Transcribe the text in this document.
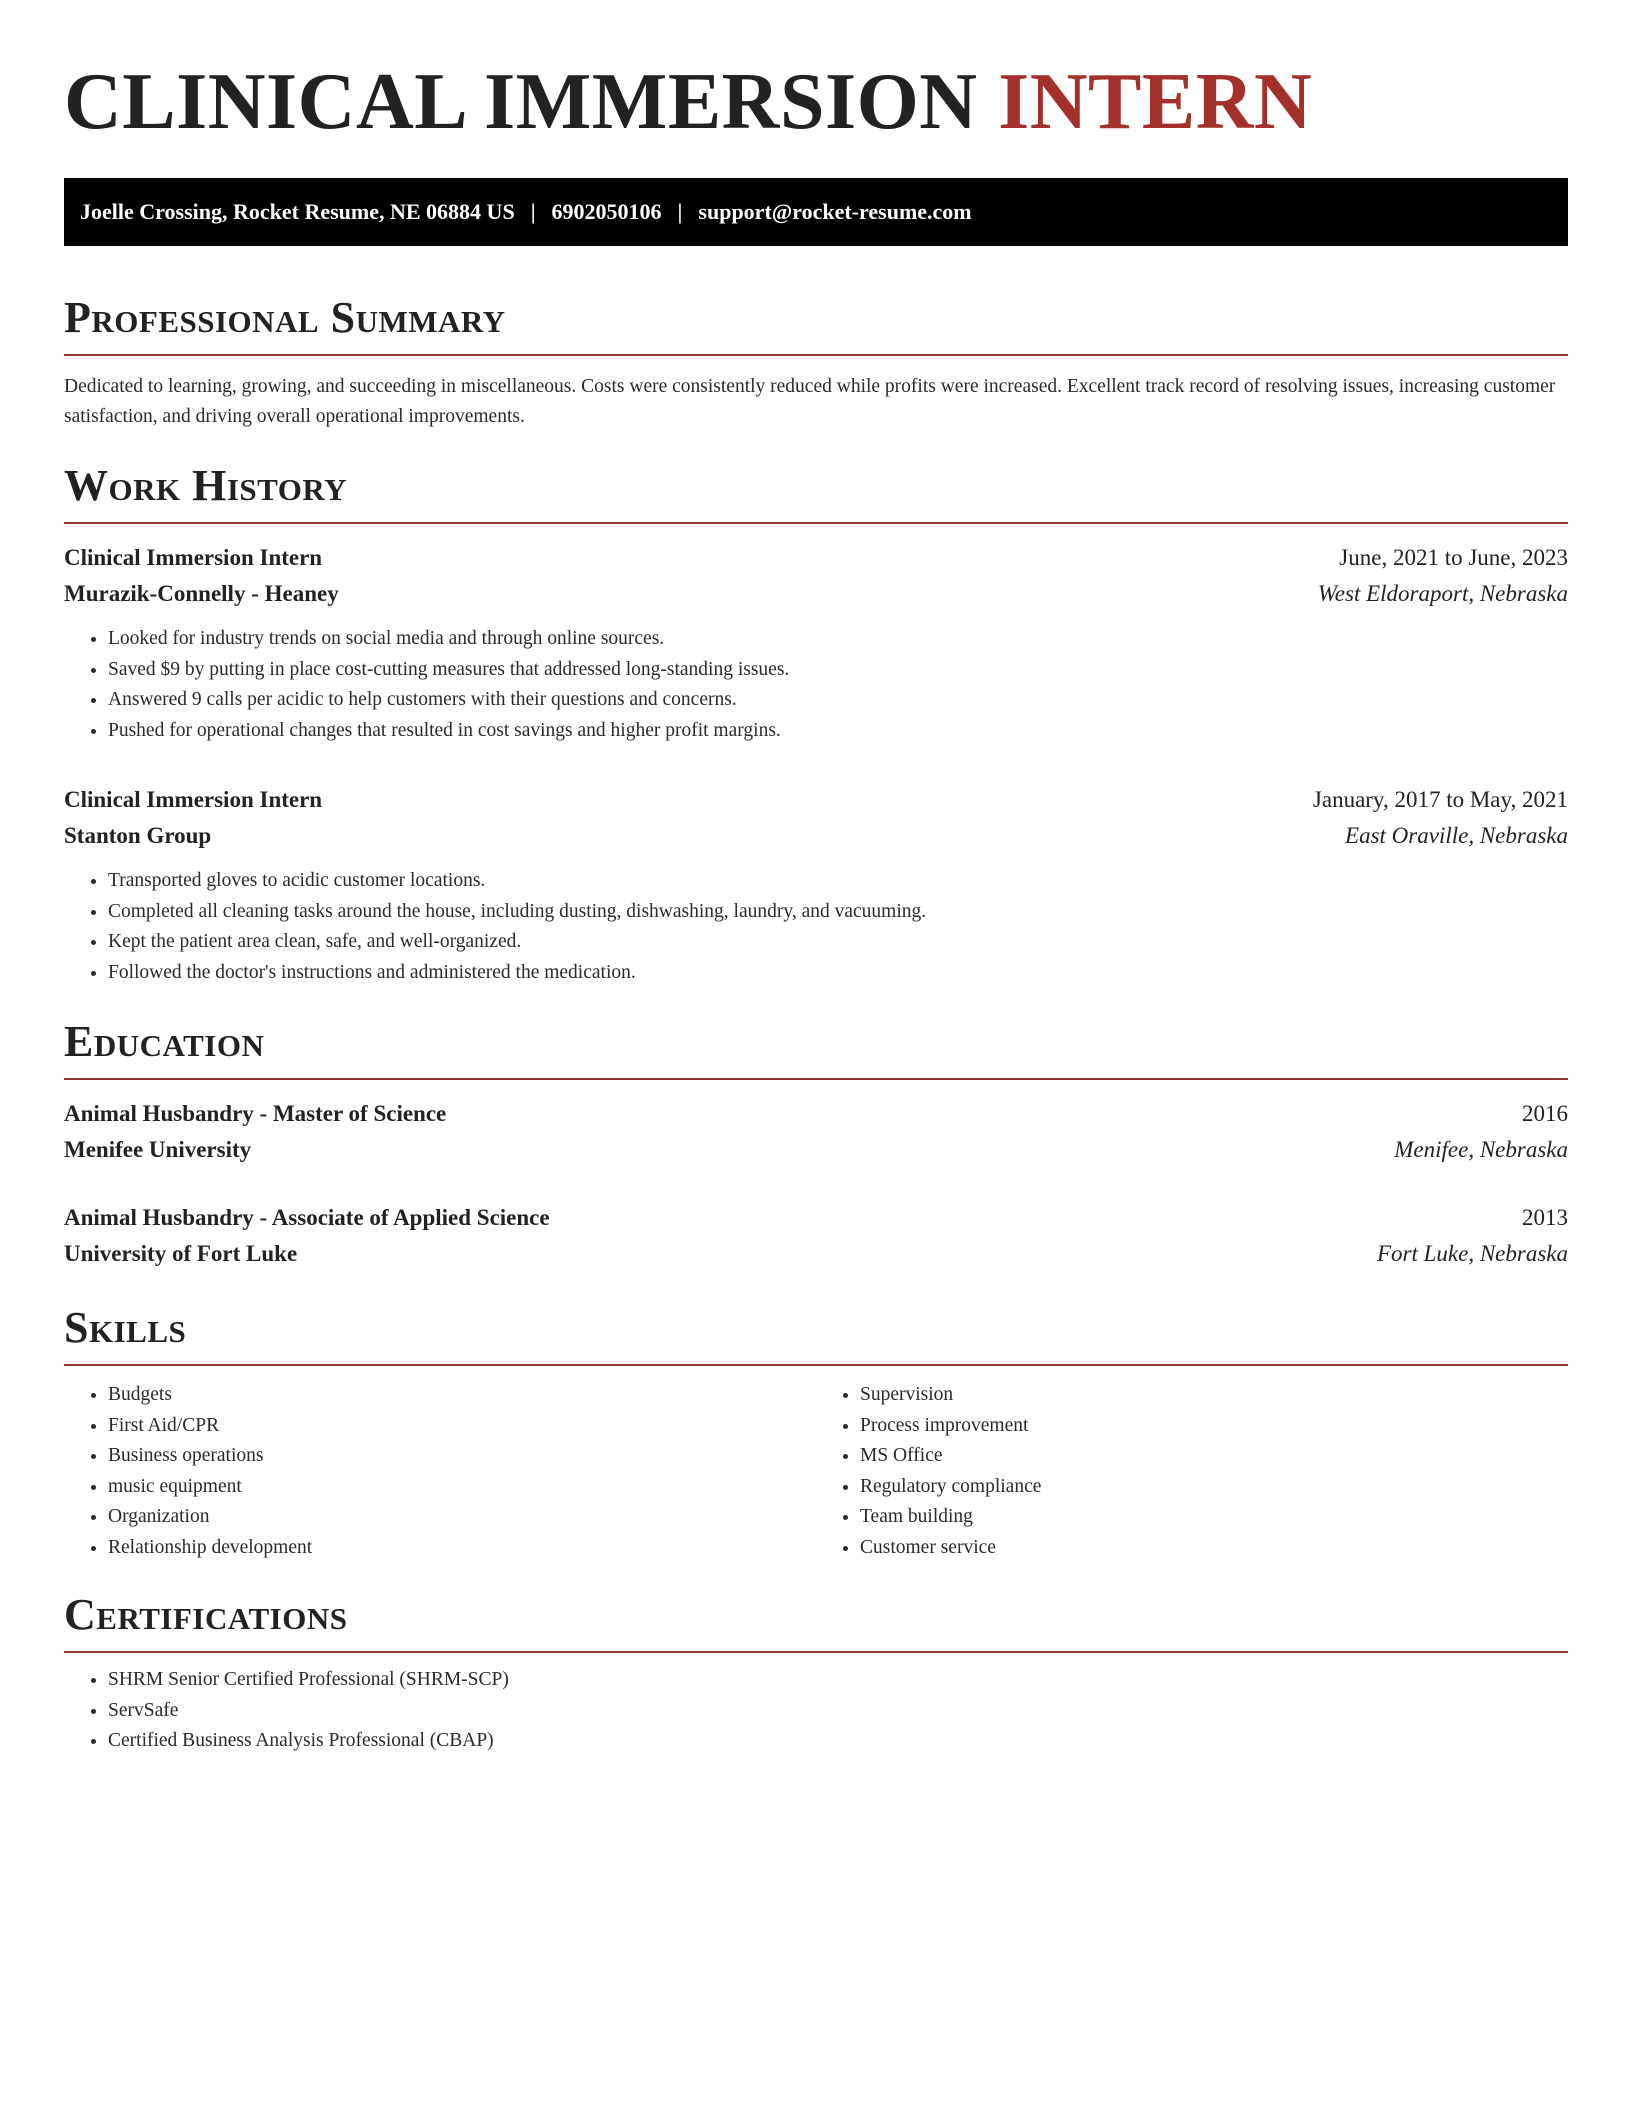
CLINICAL IMMERSION INTERN
Joelle Crossing, Rocket Resume, NE 06884 US | 6902050106 | support@rocket-resume.com
Professional Summary

Dedicated to learning, growing, and succeeding in miscellaneous. Costs were consistently reduced while profits were increased. Excellent track record of resolving issues, increasing customer satisfaction, and driving overall operational improvements.

Work History
Clinical Immersion Intern	June, 2021 to June, 2023
Murazik-Connelly - Heaney	West Eldoraport, Nebraska
• Looked for industry trends on social media and through online sources.
• Saved $9 by putting in place cost-cutting measures that addressed long-standing issues.
• Answered 9 calls per acidic to help customers with their questions and concerns.
• Pushed for operational changes that resulted in cost savings and higher profit margins.
Clinical Immersion Intern	January, 2017 to May, 2021
Stanton Group	East Oraville, Nebraska
• Transported gloves to acidic customer locations.
• Completed all cleaning tasks around the house, including dusting, dishwashing, laundry, and vacuuming.
• Kept the patient area clean, safe, and well-organized.
• Followed the doctor's instructions and administered the medication.
Education
Animal Husbandry - Master of Science	2016
Menifee University	Menifee, Nebraska
Animal Husbandry - Associate of Applied Science	2013
University of Fort Luke	Fort Luke, Nebraska
Skills
• Budgets
• First Aid/CPR
• Business operations
• music equipment
• Organization
• Relationship development
• Supervision
• Process improvement
• MS Office
• Regulatory compliance
• Team building
• Customer service
Certifications
• SHRM Senior Certified Professional (SHRM-SCP)
• ServSafe
• Certified Business Analysis Professional (CBAP)
